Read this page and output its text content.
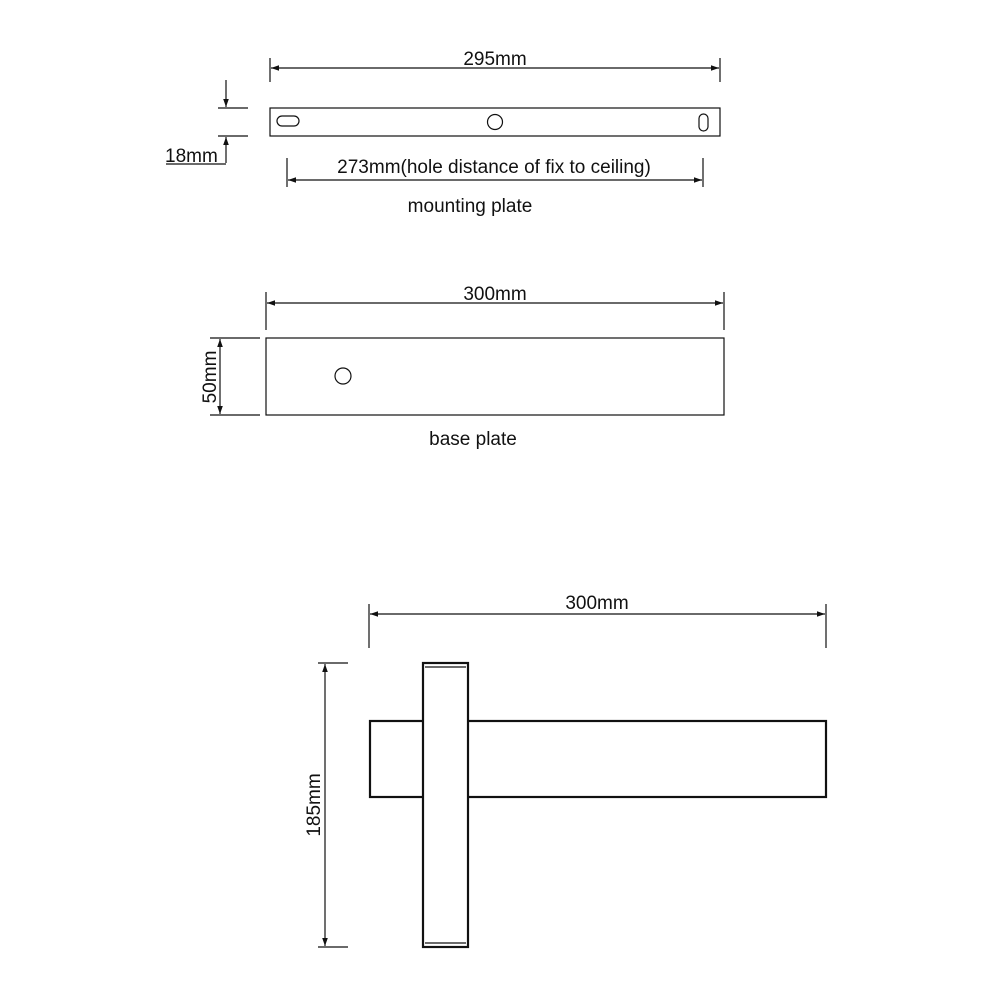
295mm
18mm
273mm(hole distance of fix to ceiling)
mounting plate
300mm
50mm
base plate
300mm
185mm
